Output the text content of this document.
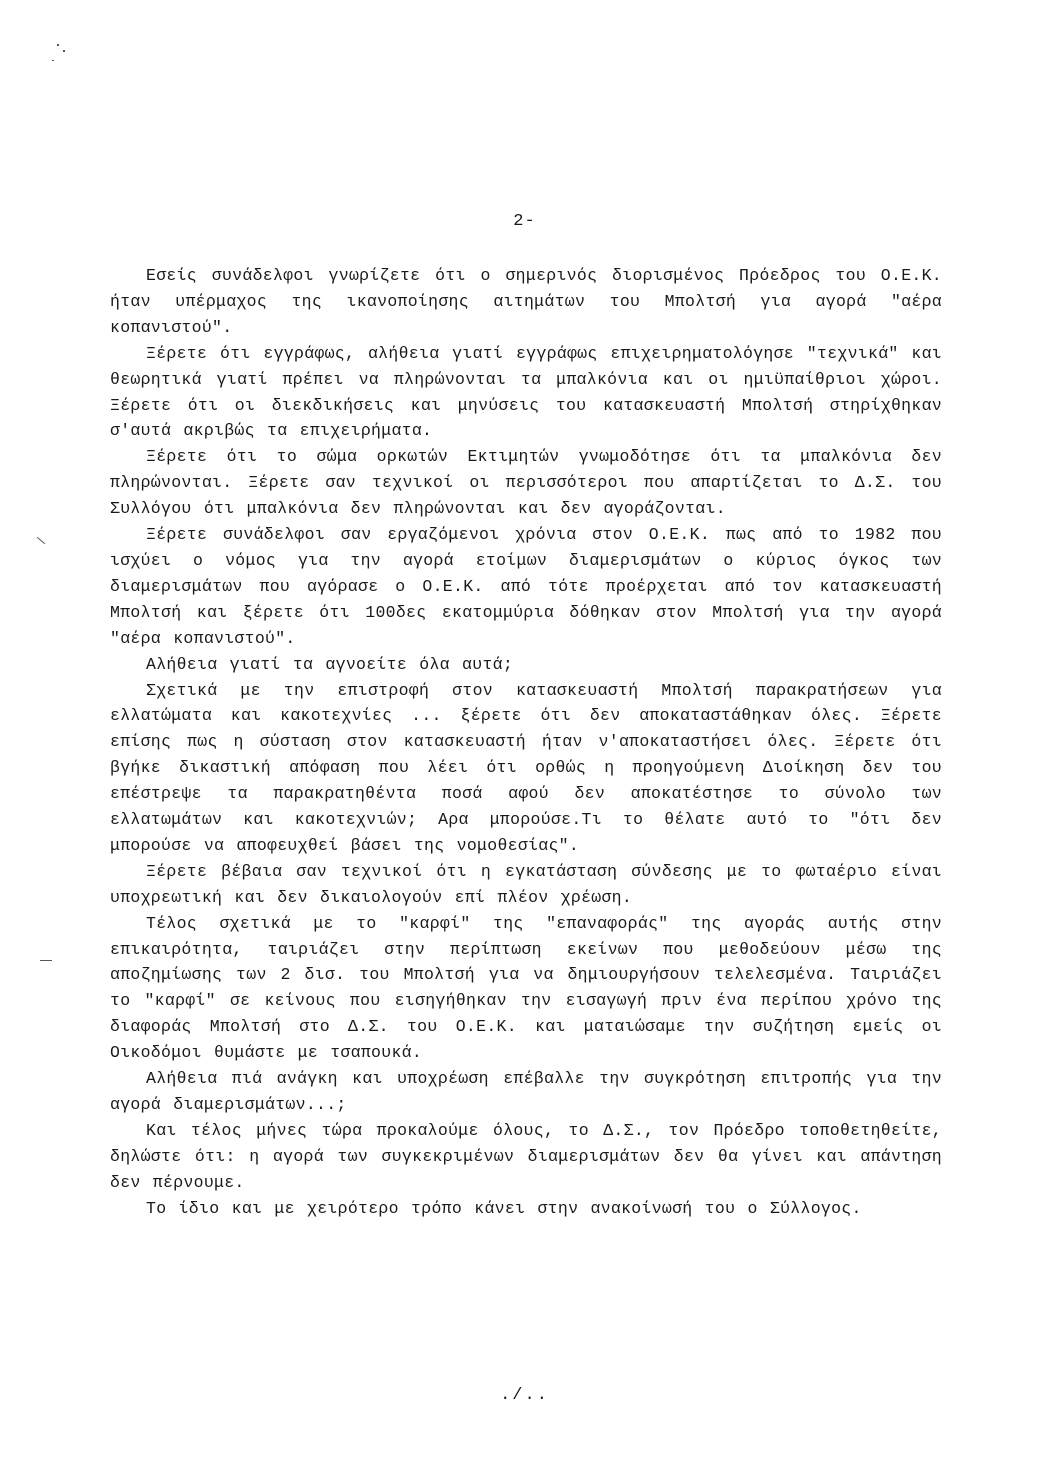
2-

Εσείς συνάδελφοι γνωρίζετε ότι ο σημερινός διορισμένος Πρόεδρος του Ο.Ε.Κ. ήταν υπέρμαχος της ικανοποίησης αιτημάτων του Μπολτσή για αγορά "αέρα κοπανιστού".

Ξέρετε ότι εγγράφως, αλήθεια γιατί εγγράφως επιχειρηματολόγησε "τεχνικά" και θεωρητικά γιατί πρέπει να πληρώνονται τα μπαλκόνια και οι ημιϋπαίθριοι χώροι. Ξέρετε ότι οι διεκδικήσεις και μηνύσεις του κατασκευαστή Μπολτσή στηρίχθηκαν σ'αυτά ακριβώς τα επιχειρήματα.

Ξέρετε ότι το σώμα ορκωτών Εκτιμητών γνωμοδότησε ότι τα μπαλκόνια δεν πληρώνονται. Ξέρετε σαν τεχνικοί οι περισσότεροι που απαρτίζεται το Δ.Σ. του Συλλόγου ότι μπαλκόνια δεν πληρώνονται και δεν αγοράζονται.

Ξέρετε συνάδελφοι σαν εργαζόμενοι χρόνια στον Ο.Ε.Κ. πως από το 1982 που ισχύει ο νόμος για την αγορά ετοίμων διαμερισμάτων ο κύριος όγκος των διαμερισμάτων που αγόρασε ο Ο.Ε.Κ. από τότε προέρχεται από τον κατασκευαστή Μπολτσή και ξέρετε ότι 100δες εκατομμύρια δόθηκαν στον Μπολτσή για την αγορά "αέρα κοπανιστού".

Αλήθεια γιατί τα αγνοείτε όλα αυτά;

Σχετικά με την επιστροφή στον κατασκευαστή Μπολτσή παρακρατήσεων για ελλατώματα και κακοτεχνίες ... ξέρετε ότι δεν αποκαταστάθηκαν όλες. Ξέρετε επίσης πως η σύσταση στον κατασκευαστή ήταν ν'αποκαταστήσει όλες. Ξέρετε ότι βγήκε δικαστική απόφαση που λέει ότι ορθώς η προηγούμενη Διοίκηση δεν του επέστρεψε τα παρακρατηθέντα ποσά αφού δεν αποκατέστησε το σύνολο των ελλατωμάτων και κακοτεχνιών; Αρα μπορούσε.Τι το θέλατε αυτό το "ότι δεν μπορούσε να αποφευχθεί βάσει της νομοθεσίας".

Ξέρετε βέβαια σαν τεχνικοί ότι η εγκατάσταση σύνδεσης με το φωταέριο είναι υποχρεωτική και δεν δικαιολογούν επί πλέον χρέωση.

Τέλος σχετικά με το "καρφί" της "επαναφοράς" της αγοράς αυτής στην επικαιρότητα, ταιριάζει στην περίπτωση εκείνων που μεθοδεύουν μέσω της αποζημίωσης των 2 δισ. του Μπολτσή για να δημιουργήσουν τελελεσμένα. Ταιριάζει το "καρφί" σε κείνους που εισηγήθηκαν την εισαγωγή πριν ένα περίπου χρόνο της διαφοράς Μπολτσή στο Δ.Σ. του Ο.Ε.Κ. και ματαιώσαμε την συζήτηση εμείς οι Οικοδόμοι θυμάστε με τσαπουκά.

Αλήθεια πιά ανάγκη και υποχρέωση επέβαλλε την συγκρότηση επιτροπής για την αγορά διαμερισμάτων...;

Και τέλος μήνες τώρα προκαλούμε όλους, το Δ.Σ., τον Πρόεδρο τοποθετηθείτε, δηλώστε ότι: η αγορά των συγκεκριμένων διαμερισμάτων δεν θα γίνει και απάντηση δεν πέρνουμε.

Το ίδιο και με χειρότερο τρόπο κάνει στην ανακοίνωσή του ο Σύλλογος.

./..
